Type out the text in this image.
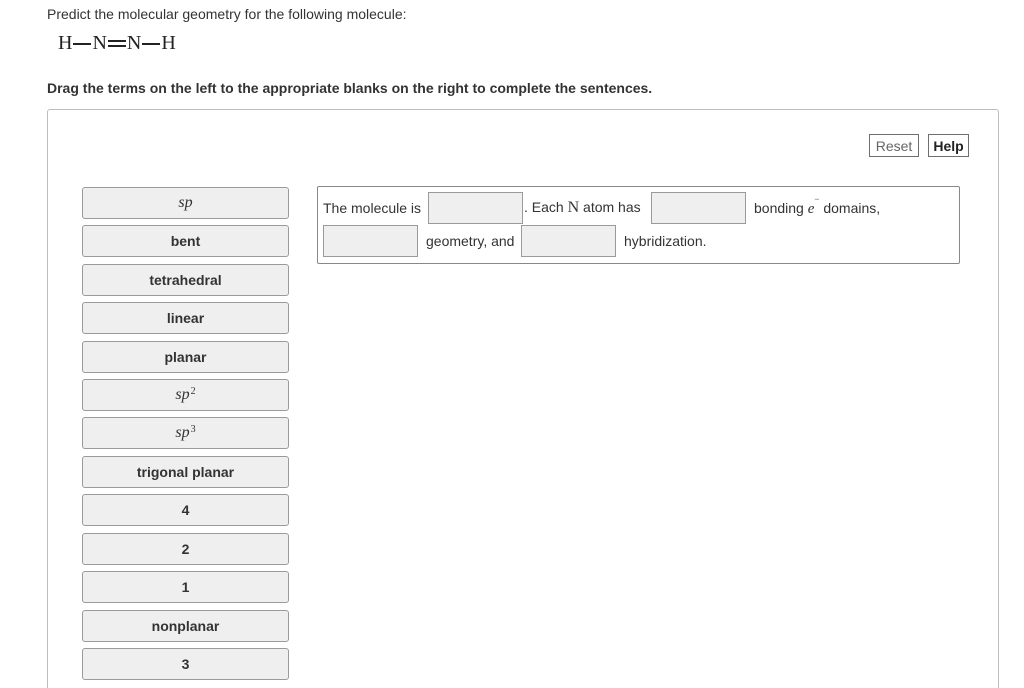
Predict the molecular geometry for the following molecule:
H N N H
Drag the terms on the left to the appropriate blanks on the right to complete the sentences.
Reset	Help
sp
bent
tetrahedral
linear
planar
$sp^2$
$sp^3$
trigonal planar
4
2
1
nonplanar
3
The molecule is	. Each N atom has	bonding e− domains,
geometry, and	hybridization.
